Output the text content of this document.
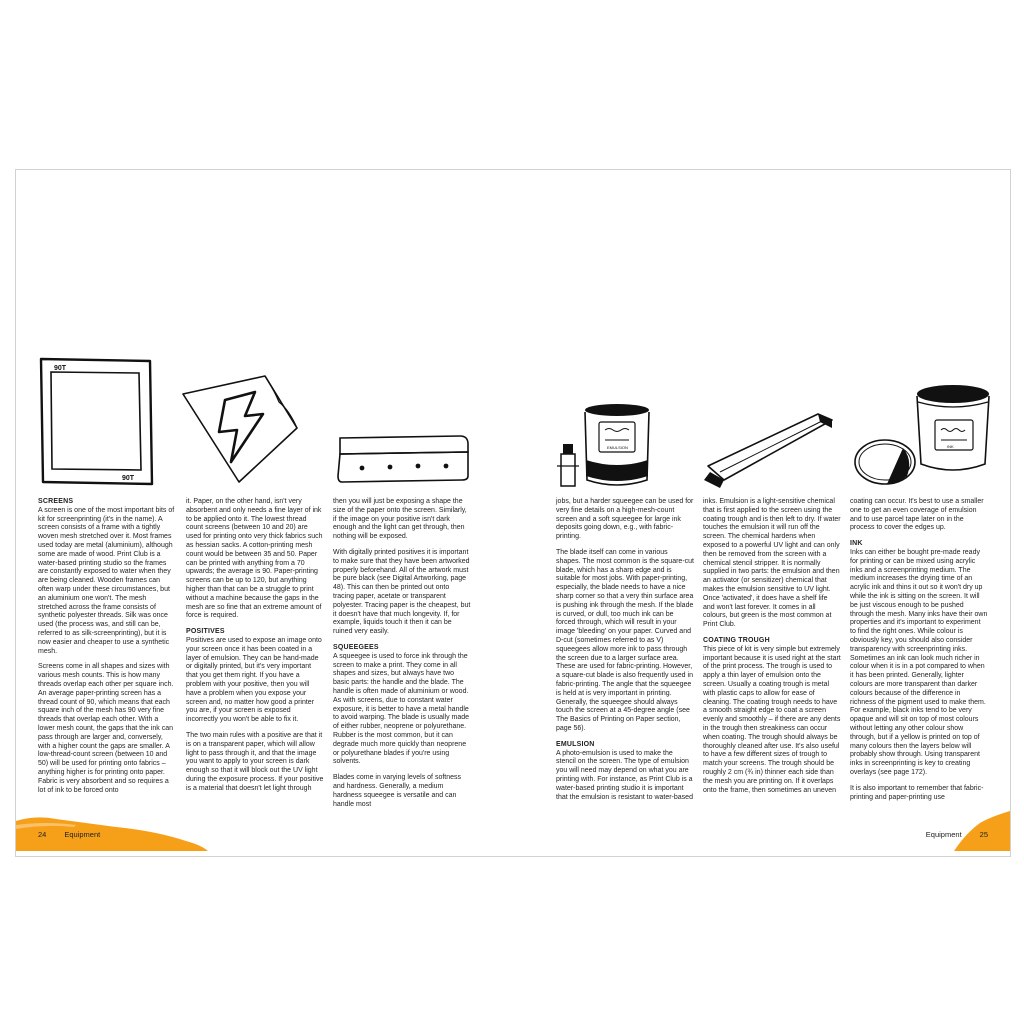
90T
90T
SCREENS

A screen is one of the most important bits of kit for screenprinting (it's in the name). A screen consists of a frame with a tightly woven mesh stretched over it. Most frames used today are metal (aluminium), although some are made of wood. Print Club is a water-based printing studio so the frames are constantly exposed to water when they are being cleaned. Wooden frames can often warp under these circumstances, but an aluminium one won't. The mesh stretched across the frame consists of synthetic polyester threads. Silk was once used (the process was, and still can be, referred to as silk-screenprinting), but it is now easier and cheaper to use a synthetic mesh.

Screens come in all shapes and sizes with various mesh counts. This is how many threads overlap each other per square inch. An average paper-printing screen has a thread count of 90, which means that each square inch of the mesh has 90 very fine threads that overlap each other. With a lower mesh count, the gaps that the ink can pass through are larger and, conversely, with a higher count the gaps are smaller. A low-thread-count screen (between 10 and 50) will be used for printing onto fabrics – anything higher is for printing onto paper. Fabric is very absorbent and so requires a lot of ink to be forced onto

it. Paper, on the other hand, isn't very absorbent and only needs a fine layer of ink to be applied onto it. The lowest thread count screens (between 10 and 20) are used for printing onto very thick fabrics such as hessian sacks. A cotton-printing mesh count would be between 35 and 50. Paper can be printed with anything from a 70 upwards; the average is 90. Paper-printing screens can be up to 120, but anything higher than that can be a struggle to print without a machine because the gaps in the mesh are so fine that an extreme amount of force is required.

POSITIVES

Positives are used to expose an image onto your screen once it has been coated in a layer of emulsion. They can be hand-made or digitally printed, but it's very important that you get them right. If you have a problem with your positive, then you will have a problem when you expose your screen and, no matter how good a printer you are, if your screen is exposed incorrectly you won't be able to fix it.

The two main rules with a positive are that it is on a transparent paper, which will allow light to pass through it, and that the image you want to apply to your screen is dark enough so that it will block out the UV light during the exposure process. If your positive is a material that doesn't let light through

then you will just be exposing a shape the size of the paper onto the screen. Similarly, if the image on your positive isn't dark enough and the light can get through, then nothing will be exposed.

With digitally printed positives it is important to make sure that they have been artworked properly beforehand. All of the artwork must be pure black (see Digital Artworking, page 48). This can then be printed out onto tracing paper, acetate or transparent polyester. Tracing paper is the cheapest, but it doesn't have that much longevity. If, for example, liquids touch it then it can be ruined very easily.

SQUEEGEES

A squeegee is used to force ink through the screen to make a print. They come in all shapes and sizes, but always have two basic parts: the handle and the blade. The handle is often made of aluminium or wood. As with screens, due to constant water exposure, it is better to have a metal handle to avoid warping. The blade is usually made of either rubber, neoprene or polyurethane. Rubber is the most common, but it can degrade much more quickly than neoprene or polyurethane blades if you're using solvents.

Blades come in varying levels of softness and hardness. Generally, a medium hardness squeegee is versatile and can handle most

24 Equipment
EMULSION	INK

jobs, but a harder squeegee can be used for very fine details on a high-mesh-count screen and a soft squeegee for large ink deposits going down, e.g., with fabric-printing.

The blade itself can come in various shapes. The most common is the square-cut blade, which has a sharp edge and is suitable for most jobs. With paper-printing, especially, the blade needs to have a nice sharp corner so that a very thin surface area is pushing ink through the mesh. If the blade is curved, or dull, too much ink can be forced through, which will result in your image 'bleeding' on your paper. Curved and D-cut (sometimes referred to as V) squeegees allow more ink to pass through the screen due to a larger surface area. These are used for fabric-printing. However, a square-cut blade is also frequently used in fabric-printing. The angle that the squeegee is held at is very important in printing. Generally, the squeegee should always touch the screen at a 45-degree angle (see The Basics of Printing on Paper section, page 56).

EMULSION

A photo-emulsion is used to make the stencil on the screen. The type of emulsion you will need may depend on what you are printing with. For instance, as Print Club is a water-based printing studio it is important that the emulsion is resistant to water-based

inks. Emulsion is a light-sensitive chemical that is first applied to the screen using the coating trough and is then left to dry. If water touches the emulsion it will run off the screen. The chemical hardens when exposed to a powerful UV light and can only then be removed from the screen with a chemical stencil stripper. It is normally supplied in two parts: the emulsion and then an activator (or sensitizer) chemical that makes the emulsion sensitive to UV light. Once 'activated', it does have a shelf life and won't last forever. It comes in all colours, but green is the most common at Print Club.

COATING TROUGH

This piece of kit is very simple but extremely important because it is used right at the start of the print process. The trough is used to apply a thin layer of emulsion onto the screen. Usually a coating trough is metal with plastic caps to allow for ease of cleaning. The coating trough needs to have a smooth straight edge to coat a screen evenly and smoothly – if there are any dents in the trough then streakiness can occur when coating. The trough should always be thoroughly cleaned after use. It's also useful to have a few different sizes of trough to match your screens. The trough should be roughly 2 cm (¾ in) thinner each side than the mesh you are printing on. If it overlaps onto the frame, then sometimes an uneven

coating can occur. It's best to use a smaller one to get an even coverage of emulsion and to use parcel tape later on in the process to cover the edges up.

INK

Inks can either be bought pre-made ready for printing or can be mixed using acrylic inks and a screenprinting medium. The medium increases the drying time of an acrylic ink and thins it out so it won't dry up while the ink is sitting on the screen. It will be just viscous enough to be pushed through the mesh. Many inks have their own properties and it's important to experiment to find the right ones. While colour is obviously key, you should also consider transparency with screenprinting inks. Sometimes an ink can look much richer in colour when it is in a pot compared to when it has been printed. Generally, lighter colours are more transparent than darker colours because of the difference in richness of the pigment used to make them. For example, black inks tend to be very opaque and will sit on top of most colours without letting any other colour show through, but if a yellow is printed on top of many colours then the layers below will probably show through. Using transparent inks in screenprinting is key to creating overlays (see page 172).

It is also important to remember that fabric-printing and paper-printing use

Equipment 25
